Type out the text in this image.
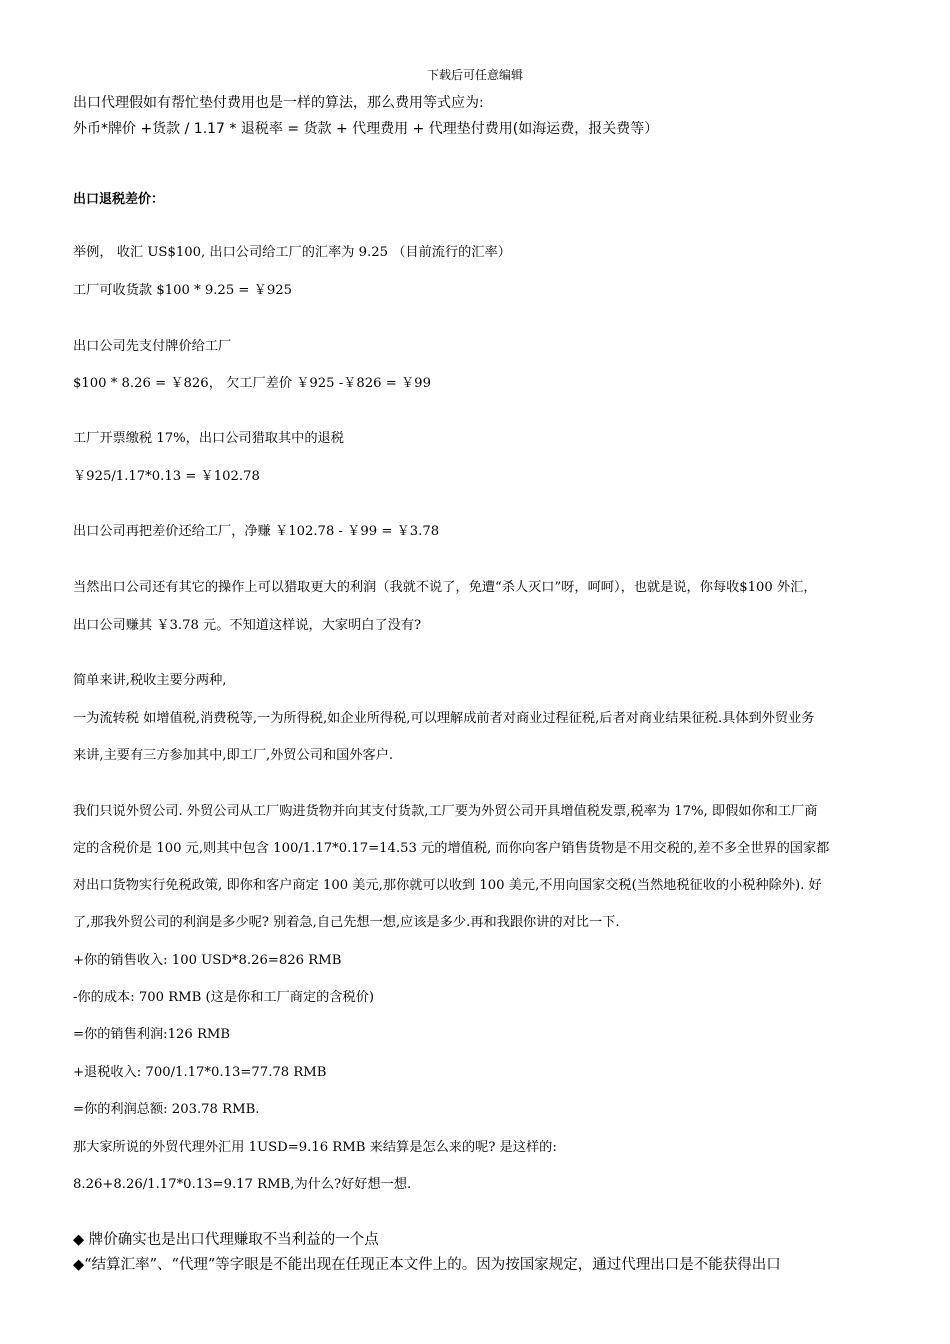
下载后可任意编辑
出口代理假如有帮忙垫付费用也是一样的算法，那么费用等式应为:
外币*牌价 +货款 / 1.17 * 退税率 = 货款 + 代理费用 + 代理垫付费用(如海运费，报关费等）
出口退税差价：
举例， 收汇 US$100, 出口公司给工厂的汇率为 9.25 （目前流行的汇率）
工厂可收货款 $100 * 9.25 = ￥925
出口公司先支付牌价给工厂
$100 * 8.26 = ￥826， 欠工厂差价 ￥925 -￥826 = ￥99
工厂开票缴税 17%，出口公司猎取其中的退税
￥925/1.17*0.13 = ￥102.78
出口公司再把差价还给工厂，净赚 ￥102.78 - ￥99 = ￥3.78
当然出口公司还有其它的操作上可以猎取更大的利润（我就不说了，免遭“杀人灭口”呀，呵呵），也就是说，你每收$100 外汇，
出口公司赚其 ￥3.78 元。不知道这样说，大家明白了没有?
简单来讲,税收主要分两种,
一为流转税 如增值税,消费税等,一为所得税,如企业所得税,可以理解成前者对商业过程征税,后者对商业结果征税.具体到外贸业务
来讲,主要有三方参加其中,即工厂,外贸公司和国外客户.
我们只说外贸公司. 外贸公司从工厂购进货物并向其支付货款,工厂要为外贸公司开具增值税发票,税率为 17%, 即假如你和工厂商
定的含税价是 100 元,则其中包含 100/1.17*0.17=14.53 元的增值税, 而你向客户销售货物是不用交税的,差不多全世界的国家都
对出口货物实行免税政策, 即你和客户商定 100 美元,那你就可以收到 100 美元,不用向国家交税(当然地税征收的小税种除外). 好
了,那我外贸公司的利润是多少呢? 别着急,自己先想一想,应该是多少.再和我跟你讲的对比一下.
+你的销售收入: 100 USD*8.26=826 RMB
-你的成本: 700 RMB (这是你和工厂商定的含税价)
=你的销售利润:126 RMB
+退税收入: 700/1.17*0.13=77.78 RMB
=你的利润总额: 203.78 RMB.
那大家所说的外贸代理外汇用 1USD=9.16 RMB 来结算是怎么来的呢? 是这样的:
8.26+8.26/1.17*0.13=9.17 RMB,为什么?好好想一想.
◆ 牌价确实也是出口代理赚取不当利益的一个点
◆“结算汇率”、“代理”等字眼是不能出现在任现正本文件上的。因为按国家规定，通过代理出口是不能获得出口
